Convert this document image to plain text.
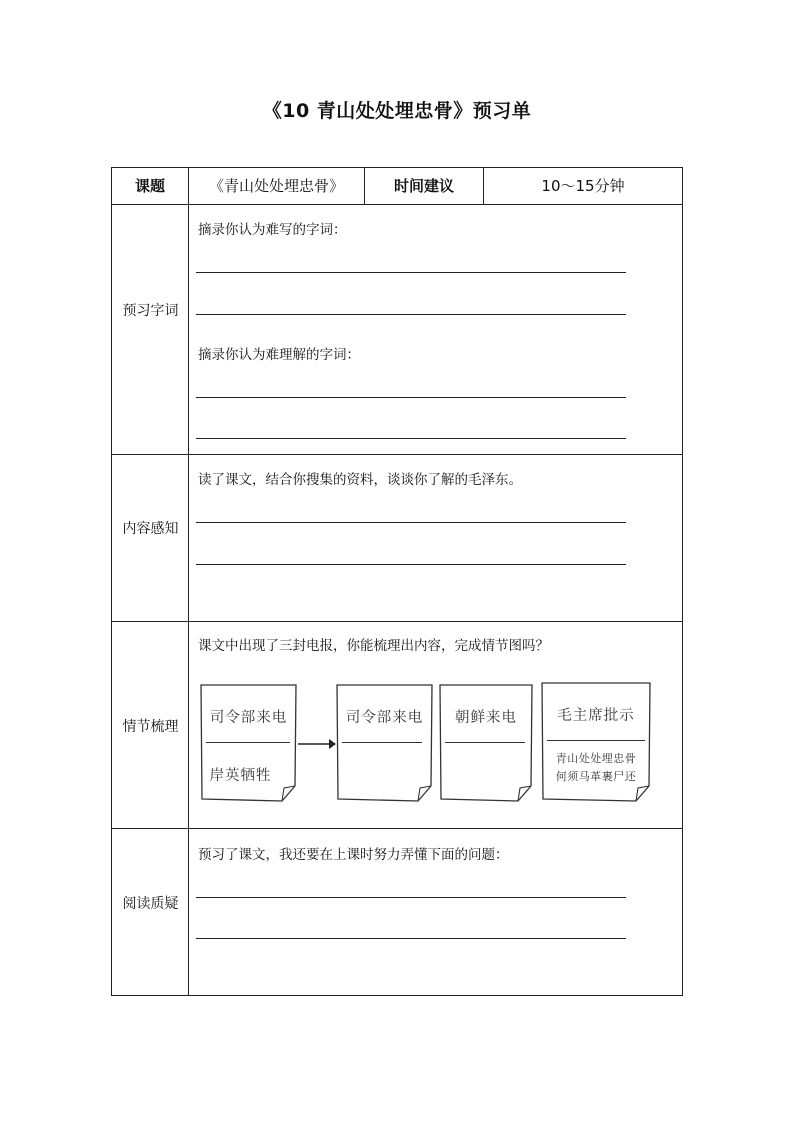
《10 青山处处埋忠骨》预习单
课题	《青山处处埋忠骨》	时间建议	10～15分钟
预习字词
摘录你认为难写的字词：
摘录你认为难理解的字词：
内容感知
读了课文，结合你搜集的资料，谈谈你了解的毛泽东。
情节梳理
课文中出现了三封电报，你能梳理出内容，完成情节图吗？
司令部来电
岸英牺牲
司令部来电	朝鲜来电	毛主席批示
青山处处埋忠骨
何须马革裹尸还
阅读质疑
预习了课文，我还要在上课时努力弄懂下面的问题：
